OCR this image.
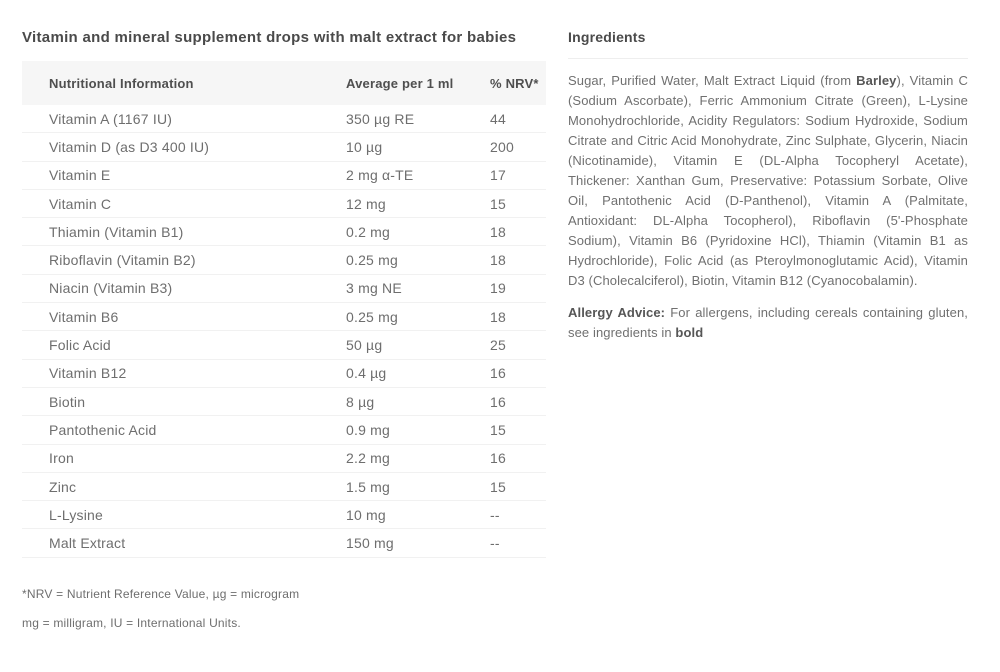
Vitamin and mineral supplement drops with malt extract for babies
Nutritional Information	Average per 1 ml	% NRV*
Vitamin A (1167 IU)	350 µg RE	44
Vitamin D (as D3 400 IU)	10 µg	200
Vitamin E	2 mg α-TE	17
Vitamin C	12 mg	15
Thiamin (Vitamin B1)	0.2 mg	18
Riboflavin (Vitamin B2)	0.25 mg	18
Niacin (Vitamin B3)	3 mg NE	19
Vitamin B6	0.25 mg	18
Folic Acid	50 µg	25
Vitamin B12	0.4 µg	16
Biotin	8 µg	16
Pantothenic Acid	0.9 mg	15
Iron	2.2 mg	16
Zinc	1.5 mg	15
L-Lysine	10 mg	--
Malt Extract	150 mg	--

*NRV = Nutrient Reference Value, µg = microgram

mg = milligram, IU = International Units.

Ingredients

Sugar, Purified Water, Malt Extract Liquid (from Barley), Vitamin C (Sodium Ascorbate), Ferric Ammonium Citrate (Green), L-Lysine Monohydrochloride, Acidity Regulators: Sodium Hydroxide, Sodium Citrate and Citric Acid Monohydrate, Zinc Sulphate, Glycerin, Niacin (Nicotinamide), Vitamin E (DL-Alpha Tocopheryl Acetate), Thickener: Xanthan Gum, Preservative: Potassium Sorbate, Olive Oil, Pantothenic Acid (D-Panthenol), Vitamin A (Palmitate, Antioxidant: DL-Alpha Tocopherol), Riboflavin (5'-Phosphate Sodium), Vitamin B6 (Pyridoxine HCl), Thiamin (Vitamin B1 as Hydrochloride), Folic Acid (as Pteroylmonoglutamic Acid), Vitamin D3 (Cholecalciferol), Biotin, Vitamin B12 (Cyanocobalamin).

Allergy Advice: For allergens, including cereals containing gluten, see ingredients in bold
